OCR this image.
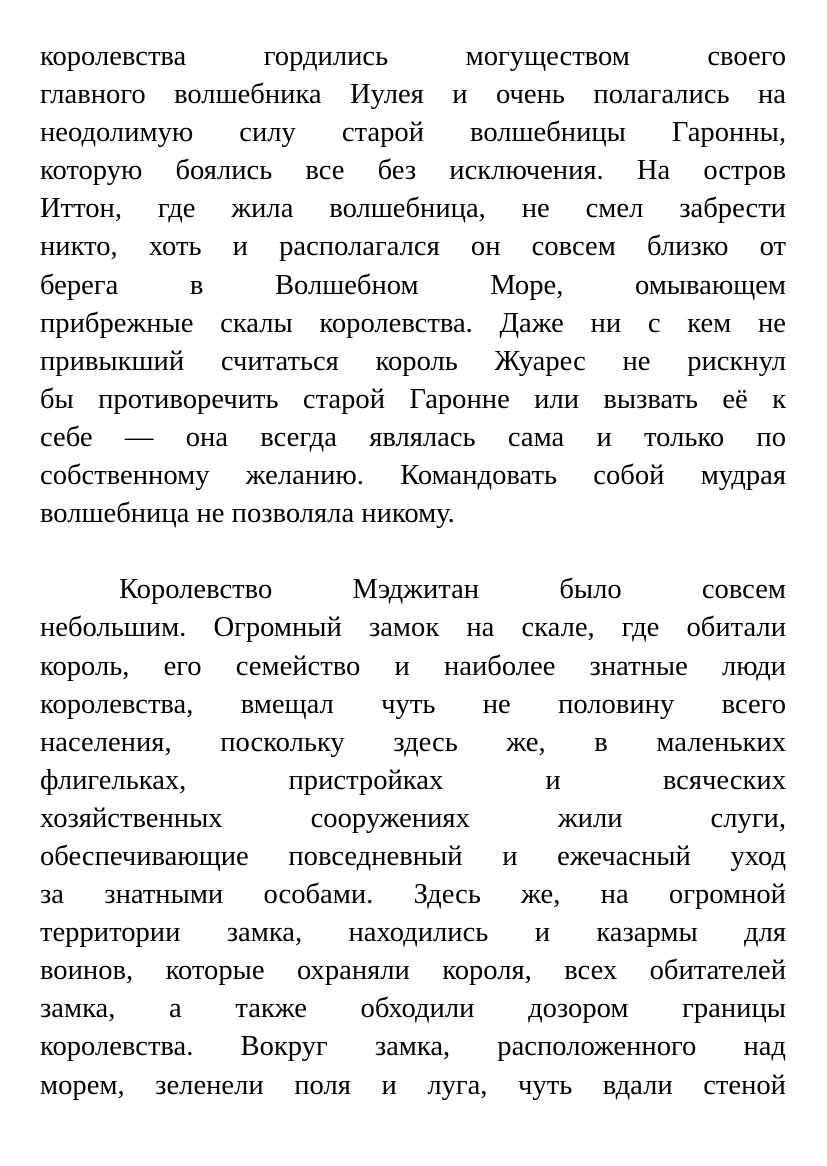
королевства гордились могуществом своего
главного волшебника Иулея и очень полагались на
неодолимую силу старой волшебницы Гаронны,
которую боялись все без исключения. На остров
Иттон, где жила волшебница, не смел забрести
никто, хоть и располагался он совсем близко от
берега в Волшебном Море, омывающем
прибрежные скалы королевства. Даже ни с кем не
привыкший считаться король Жуарес не рискнул
бы противоречить старой Гаронне или вызвать её к
себе — она всегда являлась сама и только по
собственному желанию. Командовать собой мудрая
волшебница не позволяла никому.
Королевство Мэджитан было совсем
небольшим. Огромный замок на скале, где обитали
король, его семейство и наиболее знатные люди
королевства, вмещал чуть не половину всего
населения, поскольку здесь же, в маленьких
флигельках, пристройках и всяческих
хозяйственных сооружениях жили слуги,
обеспечивающие повседневный и ежечасный уход
за знатными особами. Здесь же, на огромной
территории замка, находились и казармы для
воинов, которые охраняли короля, всех обитателей
замка, а также обходили дозором границы
королевства. Вокруг замка, расположенного над
морем, зеленели поля и луга, чуть вдали стеной
